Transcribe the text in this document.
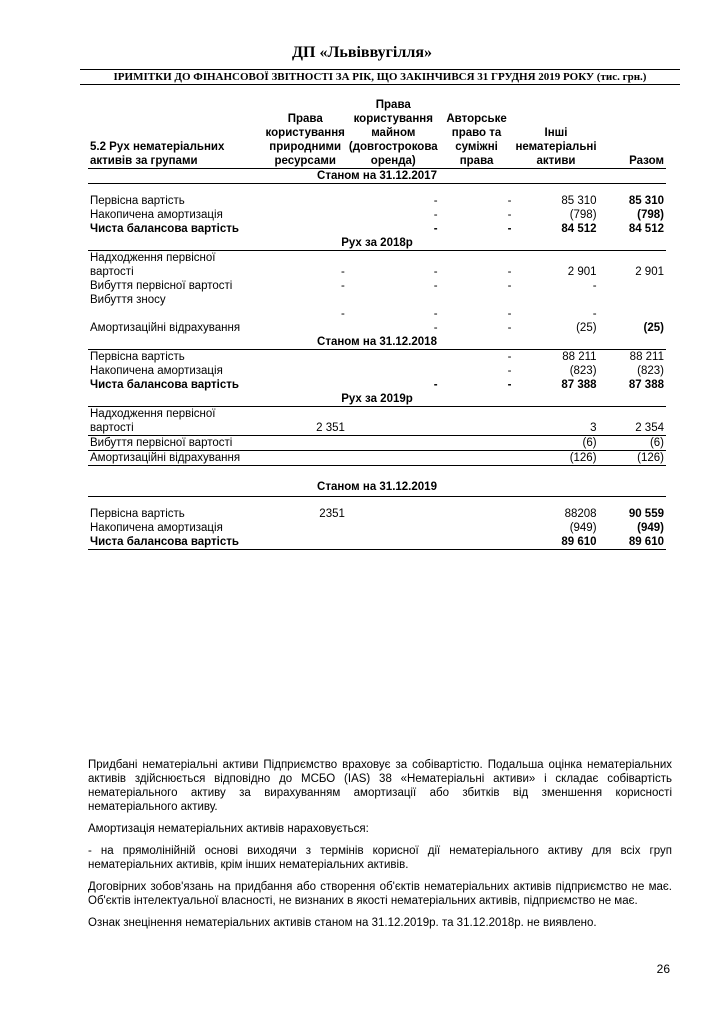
ДП «Львіввугілля»
ІРИМІТКИ ДО ФІНАНСОВОЇ ЗВІТНОСТІ ЗА РІК, ЩО ЗАКІНЧИВСЯ 31 ГРУДНЯ 2019 РОКУ (тис. грн.)
5.2 Рух нематеріальних активів за групами	Права користування природними ресурсами	Права користування майном (довгострокова оренда)	Авторське право та суміжні права	Інші нематеріальні активи	Разом
Станом на 31.12.2017					

Первісна вартість		-	-	85 310	85 310
Накопичена амортизація		-	-	(798)	(798)
Чиста балансова вартість		-	-	84 512	84 512
Рух за 2018р					
Надходження первісної вартості	-	-	-	2 901	2 901
Вибуття первісної вартості	-	-	-	-	
Вибуття зносу	-	-	-	-	
Амортизаційні відрахування		-	-	(25)	(25)
Станом на 31.12.2018					
Первісна вартість			-	88 211	88 211
Накопичена амортизація			-	(823)	(823)
Чиста балансова вартість		-	-	87 388	87 388
Рух за 2019р					
Надходження первісної вартості	2 351			3	2 354
Вибуття первісної вартості				(6)	(6)
Амортизаційні відрахування				(126)	(126)
Станом на 31.12.2019					

Первісна вартість	2351			88208	90 559
Накопичена амортизація				(949)	(949)
Чиста балансова вартість				89 610	89 610

Придбані нематеріальні активи Підприємство враховує за собівартістю. Подальша оцінка нематеріальних активів здійснюється відповідно до МСБО (IAS) 38 «Нематеріальні активи» і складає собівартість нематеріального активу за вирахуванням амортизації або збитків від зменшення корисності нематеріального активу.

Амортизація нематеріальних активів нараховується:

- на прямолінійній основі виходячи з термінів корисної дії нематеріального активу для всіх груп нематеріальних активів, крім інших нематеріальних активів.

Договірних зобов'язань на придбання або створення об'єктів нематеріальних активів підприємство не має. Об'єктів інтелектуальної власності, не визнаних в якості нематеріальних активів, підприємство не має.

Ознак знецінення нематеріальних активів станом на 31.12.2019р. та 31.12.2018р. не виявлено.

26
